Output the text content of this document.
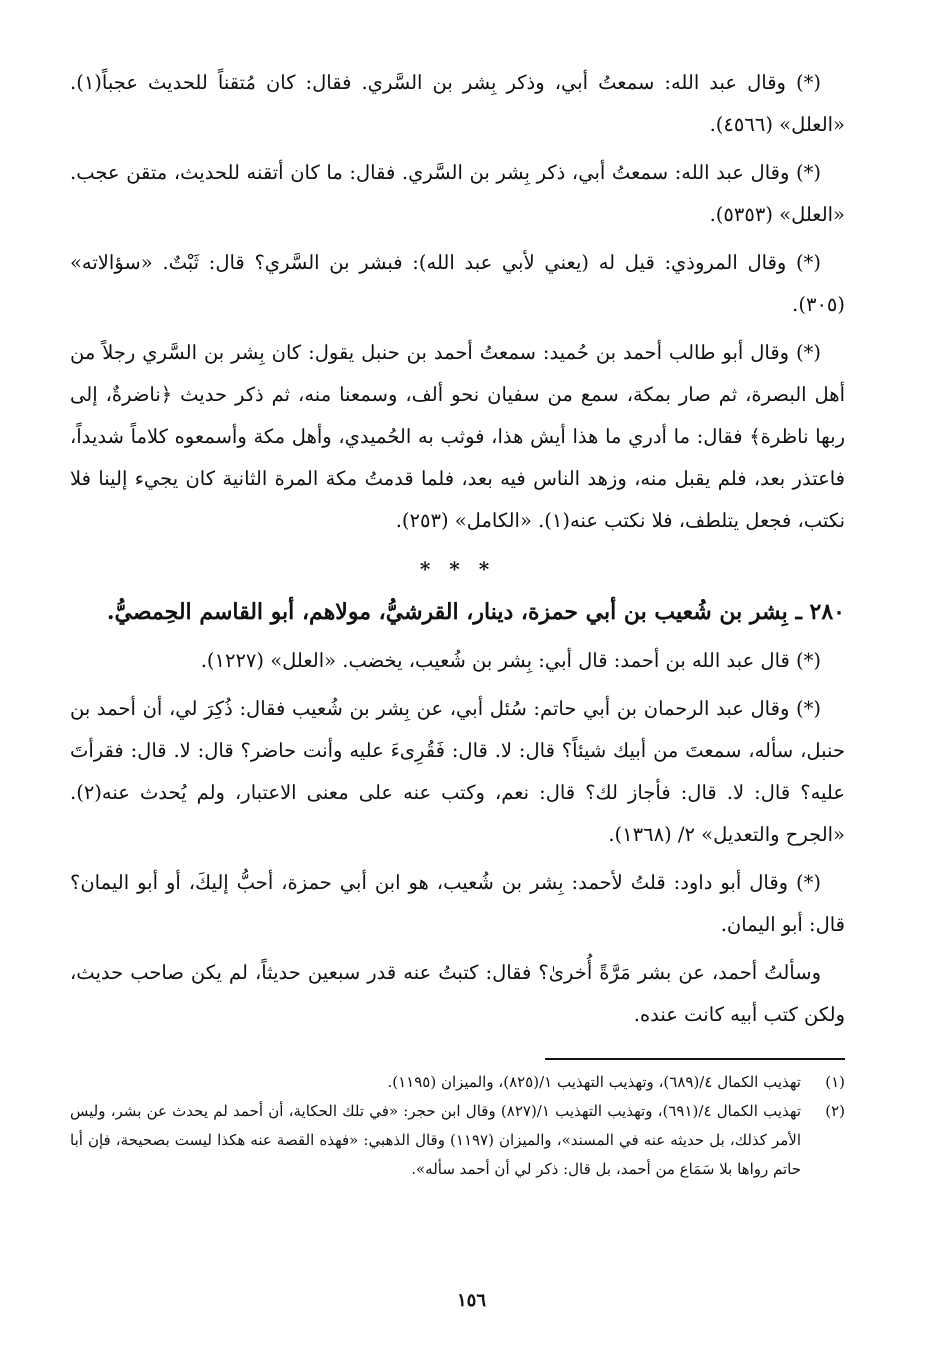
(*) وقال عبد الله: سمعتُ أبي، وذكر بِشر بن السَّري. فقال: كان مُتقناً للحديث عجباً(١). «العلل» (٤٥٦٦).

(*) وقال عبد الله: سمعتُ أبي، ذكر بِشر بن السَّري. فقال: ما كان أتقنه للحديث، متقن عجب. «العلل» (٥٣٥٣).

(*) وقال المروذي: قيل له (يعني لأبي عبد الله): فبشر بن السَّري؟ قال: ثَبْتٌ. «سؤالاته» (٣٠٥).

(*) وقال أبو طالب أحمد بن حُميد: سمعتُ أحمد بن حنبل يقول: كان بِشر بن السَّري رجلاً من أهل البصرة، ثم صار بمكة، سمع من سفيان نحو ألف، وسمعنا منه، ثم ذكر حديث ﴿ناضرةٌ، إلى ربها ناظرة﴾ فقال: ما أدري ما هذا أيش هذا، فوثب به الحُميدي، وأهل مكة وأسمعوه كلاماً شديداً، فاعتذر بعد، فلم يقبل منه، وزهد الناس فيه بعد، فلما قدمتُ مكة المرة الثانية كان يجيء إلينا فلا نكتب، فجعل يتلطف، فلا نكتب عنه(١). «الكامل» (٢٥٣).

* * *
٢٨٠ ـ بِشر بن شُعيب بن أبي حمزة، دينار، القرشيُّ، مولاهم، أبو القاسم الحِمصيُّ.

(*) قال عبد الله بن أحمد: قال أبي: بِشر بن شُعيب، يخضب. «العلل» (١٢٢٧).

(*) وقال عبد الرحمان بن أبي حاتم: سُئل أبي، عن بِشر بن شُعيب فقال: ذُكِرَ لي، أن أحمد بن حنبل، سأله، سمعتَ من أبيك شيئاً؟ قال: لا. قال: فَقُرِىءَ عليه وأنت حاضر؟ قال: لا. قال: فقرأتَ عليه؟ قال: لا. قال: فأجاز لك؟ قال: نعم، وكتب عنه على معنى الاعتبار، ولم يُحدث عنه(٢). «الجرح والتعديل» ٢/ (١٣٦٨).

(*) وقال أبو داود: قلتُ لأحمد: بِشر بن شُعيب، هو ابن أبي حمزة، أحبُّ إليكَ، أو أبو اليمان؟ قال: أبو اليمان.

وسألتُ أحمد، عن بشر مَرَّةً أُخرىٰ؟ فقال: كتبتُ عنه قدر سبعين حديثاً، لم يكن صاحب حديث، ولكن كتب أبيه كانت عنده.

(١)
تهذيب الكمال ٤/(٦٨٩)، وتهذيب التهذيب ١/(٨٢٥)، والميزان (١١٩٥).
(٢)
تهذيب الكمال ٤/(٦٩١)، وتهذيب التهذيب ١/(٨٢٧) وقال ابن حجر: «في تلك الحكاية، أن أحمد لم يحدث عن بشر، وليس الأمر كذلك، بل حديثه عنه في المسند»، والميزان (١١٩٧) وقال الذهبي: «فهذه القصة عنه هكذا ليست بصحيحة، فإن أبا حاتم رواها بلا سَمَاع من أحمد، بل قال: ذكر لي أن أحمد سأله».
١٥٦
